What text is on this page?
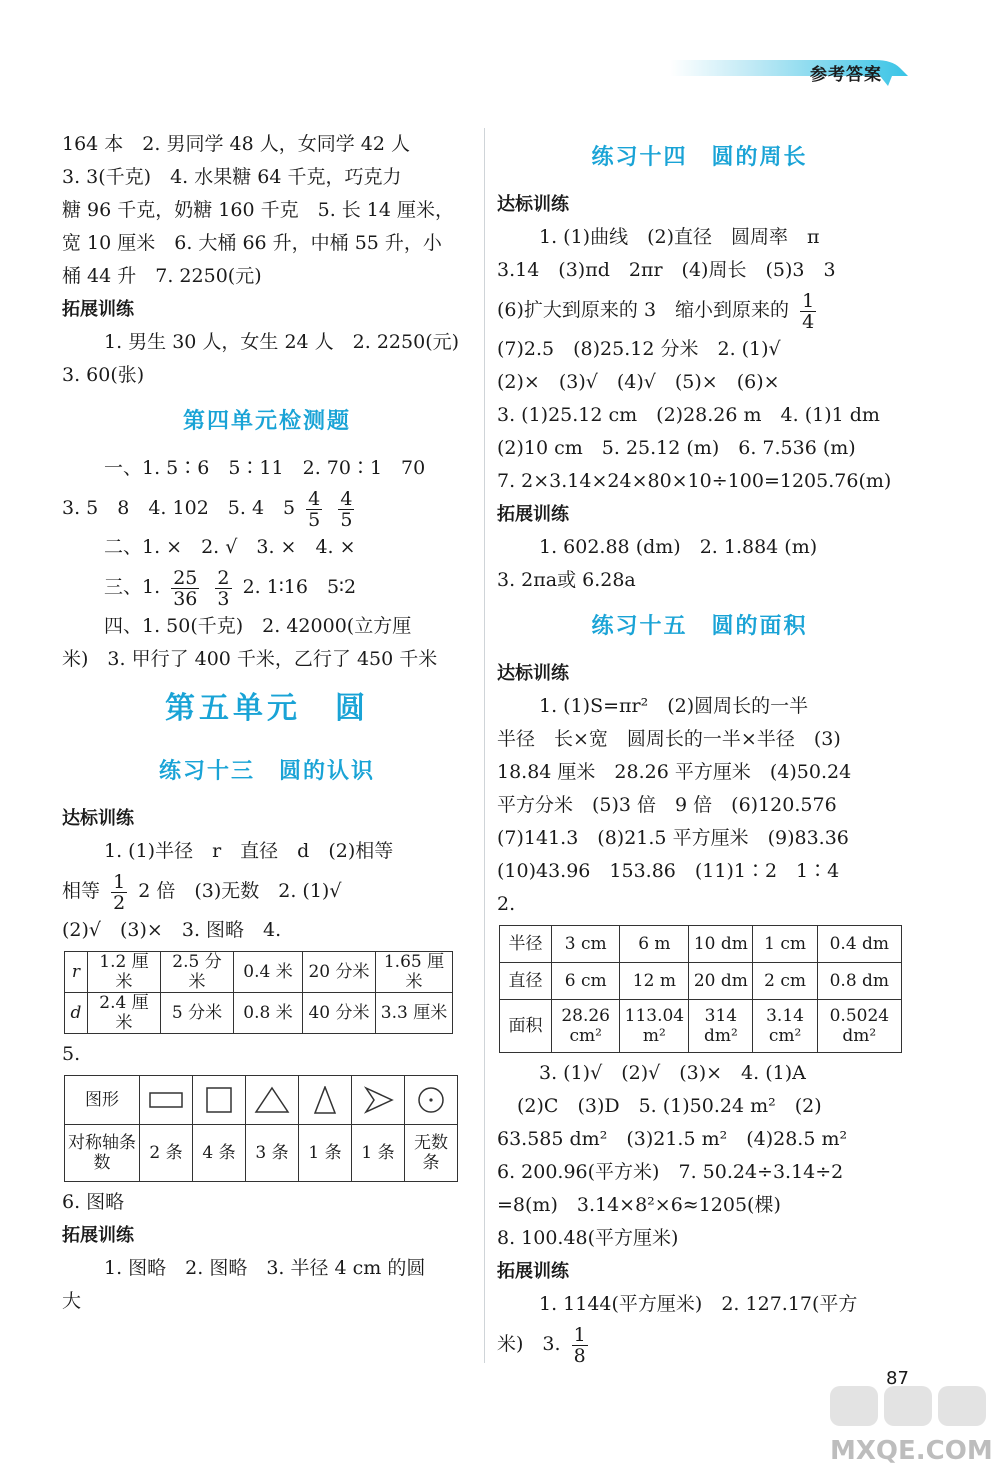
参考答案
164 本　2. 男同学 48 人，女同学 42 人
3. 3(千克)　4. 水果糖 64 千克，巧克力
糖 96 千克，奶糖 160 千克　5. 长 14 厘米，
宽 10 厘米　6. 大桶 66 升，中桶 55 升，小
桶 44 升　7. 2250(元)
拓展训练
1. 男生 30 人，女生 24 人　2. 2250(元)
3. 60(张)
第四单元检测题
一、1. 5∶6　5∶11　2. 70∶1　70
3. 5　8　4. 102　5. 4　$5 \frac{4}{5}$
$\frac{4}{5}$
二、1. ×　2. √　3. ×　4. ×
三、1. $\frac{25}{36}$
$\frac{2}{3} 2$. 1∶16　5∶2
四、1. 50(千克)　2. 42000(立方厘
米)　3. 甲行了 400 千米，乙行了 450 千米
第五单元　圆
练习十三　圆的认识
达标训练
1. (1)半径　r　直径　d　(2)相等
相等 $\frac{1}{2} 2$ 倍　(3)无数　2. (1)√
(2)√　(3)×　3. 图略　4.
r	1.2 厘米	2.5 分米	0.4 米	20 分米	1.65 厘米
d	2.4 厘米	5 分米	0.8 米	40 分米	3.3 厘米
5.
图形	

对称轴条数	2 条	4 条	3 条	1 条	1 条	无数条
6. 图略
拓展训练
1. 图略　2. 图略　3. 半径 4 cm 的圆
大
练习十四　圆的周长
达标训练
1. (1)曲线　(2)直径　圆周率　π
3.14　(3)πd　2πr　(4)周长　(5)3　3
(6)扩大到原来的 3　缩小到原来的 $\frac{1}{4}$
(7)2.5　(8)25.12 分米　2. (1)√
(2)×　(3)√　(4)√　(5)×　(6)×
3. (1)25.12 cm　(2)28.26 m　4. (1)1 dm
(2)10 cm　5. 25.12 (m)　6. 7.536 (m)
7. 2×3.14×24×80×10÷100=1205.76(m)
拓展训练
1. 602.88 (dm)　2. 1.884 (m)
3. 2πa或 6.28a
练习十五　圆的面积
达标训练
1. (1)S=πr²　(2)圆周长的一半
半径　长×宽　圆周长的一半×半径　(3)
18.84 厘米　28.26 平方厘米　(4)50.24
平方分米　(5)3 倍　9 倍　(6)120.576
(7)141.3　(8)21.5 平方厘米　(9)83.36
(10)43.96　153.86　(11)1∶2　1∶4
2.
半径	3 cm	6 m	10 dm	1 cm	0.4 dm
直径	6 cm	12 m	20 dm	2 cm	0.8 dm
面积	28.26 cm²	113.04 m²	314 dm²	3.14 cm²	0.5024 dm²
3. (1)√　(2)√　(3)×　4. (1)A
(2)C　(3)D　5. (1)50.24 m²　(2)
63.585 dm²　(3)21.5 m²　(4)28.5 m²
6. 200.96(平方米)　7. 50.24÷3.14÷2
=8(m)　3.14×8²×6≈1205(棵)
8. 100.48(平方厘米)
拓展训练
1. 1144(平方厘米)　2. 127.17(平方
米)　3. $\frac{1}{8}$
87
MXQE.COM
